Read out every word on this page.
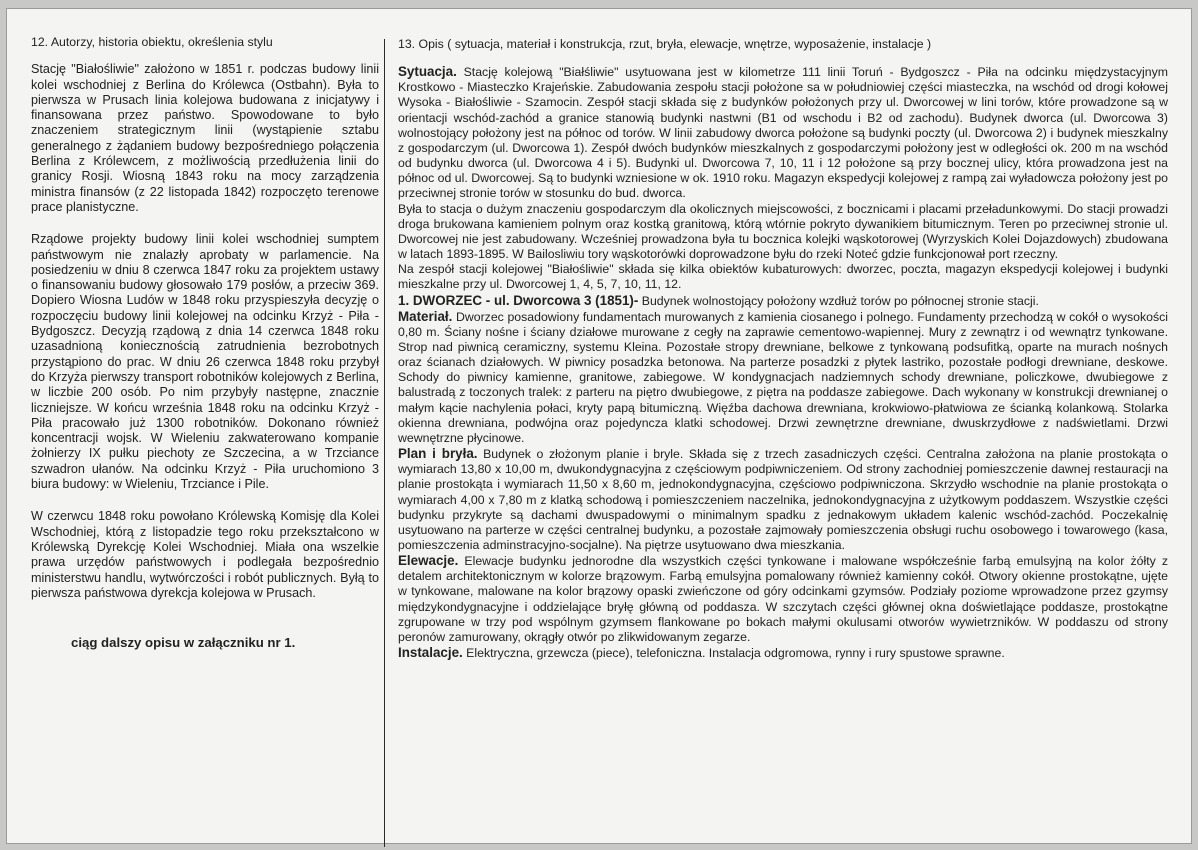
12. Autorzy, historia obiektu, określenia stylu

Stację "Białośliwie" założono w 1851 r. podczas budowy linii kolei wschodniej z Berlina do Królewca (Ostbahn). Była to pierwsza w Prusach linia kolejowa budowana z inicjatywy i finansowana przez państwo. Spowodowane to było znaczeniem strategicznym linii (wystąpienie sztabu generalnego z żądaniem budowy bezpośredniego połączenia Berlina z Królewcem, z możliwością przedłużenia linii do granicy Rosji. Wiosną 1843 roku na mocy zarządzenia ministra finansów (z 22 listopada 1842) rozpoczęto terenowe prace planistyczne.

Rządowe projekty budowy linii kolei wschodniej sumptem państwowym nie znalazły aprobaty w parlamencie. Na posiedzeniu w dniu 8 czerwca 1847 roku za projektem ustawy o finansowaniu budowy głosowało 179 posłów, a przeciw 369. Dopiero Wiosna Ludów w 1848 roku przyspieszyła decyzję o rozpoczęciu budowy linii kolejowej na odcinku Krzyż - Piła - Bydgoszcz. Decyzją rządową z dnia 14 czerwca 1848 roku uzasadnioną koniecznością zatrudnienia bezrobotnych przystąpiono do prac. W dniu 26 czerwca 1848 roku przybył do Krzyża pierwszy transport robotników kolejowych z Berlina, w liczbie 200 osób. Po nim przybyły następne, znacznie liczniejsze. W końcu września 1848 roku na odcinku Krzyż - Piła pracowało już 1300 robotników. Dokonano również koncentracji wojsk. W Wieleniu zakwaterowano kompanie żołnierzy IX pułku piechoty ze Szczecina, a w Trzciance szwadron ułanów. Na odcinku Krzyż - Piła uruchomiono 3 biura budowy: w Wieleniu, Trzciance i Pile.

W czerwcu 1848 roku powołano Królewską Komisję dla Kolei Wschodniej, którą z listopadzie tego roku przekształcono w Królewską Dyrekcję Kolei Wschodniej. Miała ona wszelkie prawa urzędów państwowych i podlegała bezpośrednio ministerstwu handlu, wytwórczości i robót publicznych. Byłą to pierwsza państwowa dyrekcja kolejowa w Prusach.

ciąg dalszy opisu w załączniku nr 1.
13. Opis ( sytuacja, materiał i konstrukcja, rzut, bryła, elewacje, wnętrze, wyposażenie, instalacje )

Sytuacja. Stację kolejową "Białśliwie" usytuowana jest w kilometrze 111 linii Toruń - Bydgoszcz - Piła na odcinku międzystacyjnym Krostkowo - Miasteczko Krajeńskie. Zabudowania zespołu stacji położone sa w południowiej części miasteczka, na wschód od drogi kołowej Wysoka - Białośliwie - Szamocin. Zespół stacji składa się z budynków położonych przy ul. Dworcowej w lini torów, które prowadzone są w orientacji wschód-zachód a granice stanowią budynki nastwni (B1 od wschodu i B2 od zachodu). Budynek dworca (ul. Dworcowa 3) wolnostojący położony jest na północ od torów. W linii zabudowy dworca położone są budynki poczty (ul. Dworcowa 2) i budynek mieszkalny z gospodarczym (ul. Dworcowa 1). Zespół dwóch budynków mieszkalnych z gospodarczymi położony jest w odległości ok. 200 m na wschód od budynku dworca (ul. Dworcowa 4 i 5). Budynki ul. Dworcowa 7, 10, 11 i 12 położone są przy bocznej ulicy, która prowadzona jest na północ od ul. Dworcowej. Są to budynki wzniesione w ok. 1910 roku. Magazyn ekspedycji kolejowej z rampą zai wyładowcza położony jest po przeciwnej stronie torów w stosunku do bud. dworca.

Była to stacja o dużym znaczeniu gospodarczym dla okolicznych miejscowości, z bocznicami i placami przeładunkowymi. Do stacji prowadzi droga brukowana kamieniem polnym oraz kostką granitową, którą wtórnie pokryto dywanikiem bitumicznym. Teren po przeciwnej stronie ul. Dworcowej nie jest zabudowany. Wcześniej prowadzona była tu bocznica kolejki wąskotorowej (Wyrzyskich Kolei Dojazdowych) zbudowana w latach 1893-1895. W Bailosliwiu tory wąskotorówki doprowadzone byłu do rzeki Noteć gdzie funkcjonował port rzeczny.

Na zespół stacji kolejowej "Białośliwie" składa się kilka obiektów kubaturowych: dworzec, poczta, magazyn ekspedycji kolejowej i budynki mieszkalne przy ul. Dworcowej 1, 4, 5, 7, 10, 11, 12.

1. DWORZEC - ul. Dworcowa 3 (1851)- Budynek wolnostojący położony wzdłuż torów po północnej stronie stacji.

Materiał. Dworzec posadowiony fundamentach murowanych z kamienia ciosanego i polnego. Fundamenty przechodzą w cokół o wysokości 0,80 m. Ściany nośne i ściany działowe murowane z cegły na zaprawie cementowo-wapiennej. Mury z zewnątrz i od wewnątrz tynkowane. Strop nad piwnicą ceramiczny, systemu Kleina. Pozostałe stropy drewniane, belkowe z tynkowaną podsufitką, oparte na murach nośnych oraz ścianach działowych. W piwnicy posadzka betonowa. Na parterze posadzki z płytek lastriko, pozostałe podłogi drewniane, deskowe. Schody do piwnicy kamienne, granitowe, zabiegowe. W kondygnacjach nadziemnych schody drewniane, policzkowe, dwubiegowe z balustradą z toczonych tralek: z parteru na piętro dwubiegowe, z piętra na poddasze zabiegowe. Dach wykonany w konstrukcji drewnianej o małym kącie nachylenia połaci, kryty papą bitumiczną. Więźba dachowa drewniana, krokwiowo-płatwiowa ze ścianką kolankową. Stolarka okienna drewniana, podwójna oraz pojedyncza klatki schodowej. Drzwi zewnętrzne drewniane, dwuskrzydłowe z nadświetlami. Drzwi wewnętrzne płycinowe.

Plan i bryła. Budynek o złożonym planie i bryle. Składa się z trzech zasadniczych części. Centralna założona na planie prostokąta o wymiarach 13,80 x 10,00 m, dwukondygnacyjna z częściowym podpiwniczeniem. Od strony zachodniej pomieszczenie dawnej restauracji na planie prostokąta i wymiarach 11,50 x 8,60 m, jednokondygnacyjna, częściowo podpiwniczona. Skrzydło wschodnie na planie prostokąta o wymiarach 4,00 x 7,80 m z klatką schodową i pomieszczeniem naczelnika, jednokondygnacyjna z użytkowym poddaszem. Wszystkie części budynku przykryte są dachami dwuspadowymi o minimalnym spadku z jednakowym układem kalenic wschód-zachód. Poczekalnię usytuowano na parterze w części centralnej budynku, a pozostałe zajmowały pomieszczenia obsługi ruchu osobowego i towarowego (kasa, pomieszczenia adminstracyjno-socjalne). Na piętrze usytuowano dwa mieszkania.

Elewacje. Elewacje budynku jednorodne dla wszystkich części tynkowane i malowane współcześnie farbą emulsyjną na kolor żółty z detalem architektonicznym w kolorze brązowym. Farbą emulsyjna pomalowany również kamienny cokół. Otwory okienne prostokątne, ujęte w tynkowane, malowane na kolor brązowy opaski zwieńczone od góry odcinkami gzymsów. Podziały poziome wprowadzone przez gzymsy międzykondygnacyjne i oddzielające bryłę główną od poddasza. W szczytach części głównej okna doświetlające poddasze, prostokątne zgrupowane w trzy pod wspólnym gzymsem flankowane po bokach małymi okulusami otworów wywietrzników. W poddaszu od strony peronów zamurowany, okrągły otwór po zlikwidowanym zegarze.

Instalacje. Elektryczna, grzewcza (piece), telefoniczna. Instalacja odgromowa, rynny i rury spustowe sprawne.
